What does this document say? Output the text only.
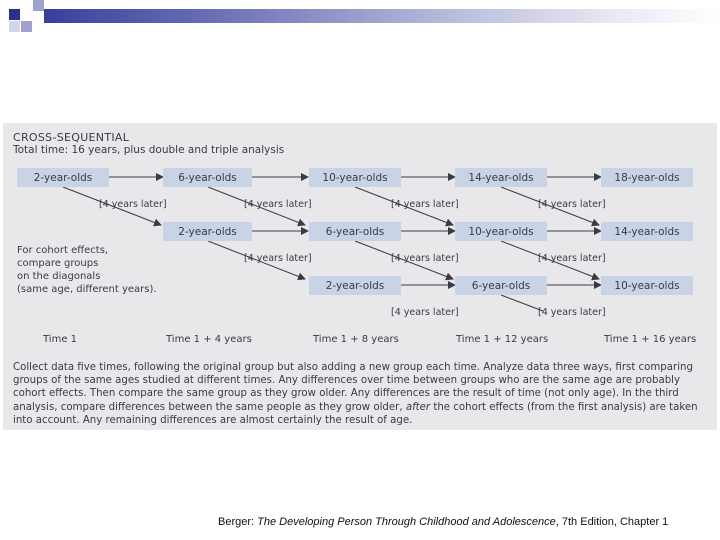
CROSS-SEQUENTIAL
Total time: 16 years, plus double and triple analysis
2-year-olds	6-year-olds	10-year-olds	14-year-olds	18-year-olds
[4 years later]	[4 years later]	[4 years later]	[4 years later]
2-year-olds	6-year-olds	10-year-olds	14-year-olds
For cohort effects,
compare groups
on the diagonals
(same age, different years).
[4 years later]	[4 years later]	[4 years later]
2-year-olds	6-year-olds	10-year-olds
[4 years later]	[4 years later]
Time 1	Time 1 + 4 years	Time 1 + 8 years	Time 1 + 12 years	Time 1 + 16 years
Collect data five times, following the original group but also adding a new group each time. Analyze data three ways, first comparing groups of the same ages studied at different times. Any differences over time between groups who are the same age are probably cohort effects. Then compare the same group as they grow older. Any differences are the result of time (not only age). In the third analysis, compare differences between the same people as they grow older, after the cohort effects (from the first analysis) are taken into account. Any remaining differences are almost certainly the result of age.
Berger: The Developing Person Through Childhood and Adolescence, 7th Edition, Chapter 1
